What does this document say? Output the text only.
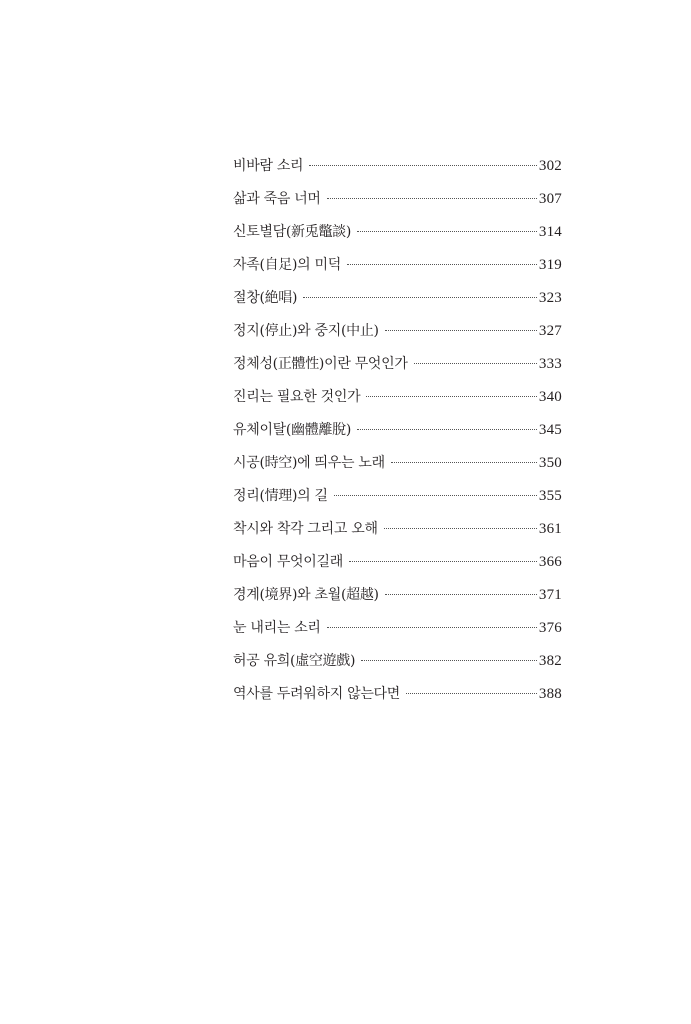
비바람 소리	302
삶과 죽음 너머	307
신토별담(新兎鼈談)	314
자족(自足)의 미덕	319
절창(絶唱)	323
정지(停止)와 중지(中止)	327
정체성(正體性)이란 무엇인가	333
진리는 필요한 것인가	340
유체이탈(幽體離脫)	345
시공(時空)에 띄우는 노래	350
정리(情理)의 길	355
착시와 착각 그리고 오해	361
마음이 무엇이길래	366
경계(境界)와 초월(超越)	371
눈 내리는 소리	376
허공 유희(虛空遊戲)	382
역사를 두려워하지 않는다면	388
